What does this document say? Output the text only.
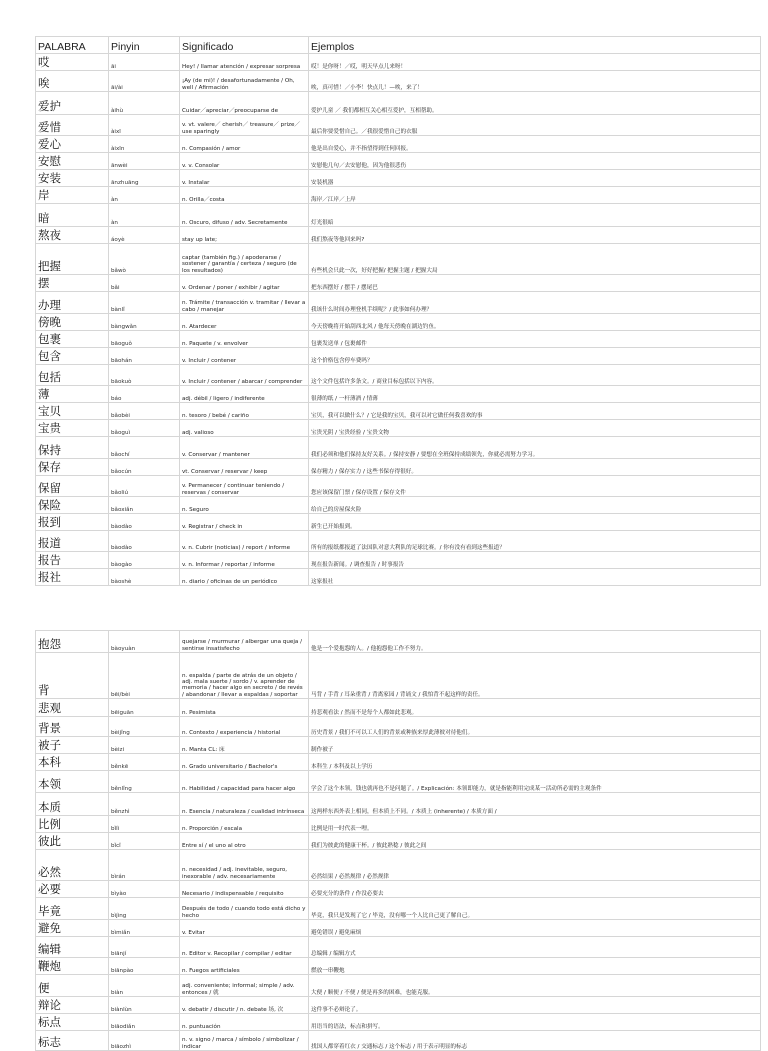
PALABRA	Pinyin	Significado	Ejemplos
哎	āi	Hey! / llamar atención / expresar sorpresa	哎！是你呀！／哎，明天早点儿来呀！
唉	āi/ài	¡Ay (de mi)! / desafortunadamente / Oh, well / Afirmación	唉，真可惜！／小李！快点儿！—唉，来了！
爱护	àihù	Cuidar／apreciar／preocuparse de	爱护儿童 ／ 我们都相互关心相互爱护，互相帮助。
爱惜	àixī	v. vt. valere／ cherish／ treasure／ prize／ use sparingly	最后你要爱惜自己。／我很爱惜自己的衣服
爱心	àixīn	n. Compasión / amor	他是出自爱心，并不指望得到任何回报。
安慰	ānwèi	v. v. Consolar	安慰他几句／去安慰他，因为他很悲伤
安装	ānzhuāng	v. Instalar	安装机器
岸	àn	n. Orilla／costa	海岸／江岸／上岸
暗	àn	n. Oscuro, difuso / adv. Secretamente	灯光很暗
熬夜	áoyè	stay up late;	我们熬夜等他回来吗?
把握	bǎwò	captar (también fig.) / apoderarse / sostener / garantía / certeza / seguro (de los resultados)	有些机会只此一次，好好把握/ 把握主题 / 把握大局
摆	bǎi	v. Ordenar / poner / exhibir / agitar	把东西摆好 / 摆手 / 摆尾巴
办理	bànlǐ	n. Trámite / transacción v. tramitar / llevar a cabo / manejar	我该什么时间办理登机手续呢？/ 此事如何办理？
傍晚	bàngwǎn	n. Atardecer	今天傍晚将开始刮西北风 / 他每天傍晚在湖边钓鱼。
包裹	bāoguǒ	n. Paquete / v. envolver	包裹发送单 / 包裹邮件
包含	bāohán	v. Incluir / contener	这个价格包含停车费吗？
包括	bāokuò	v. Incluir / contener / abarcar / comprender	这个文件包括许多条文。/ 商业目标包括以下内容。
薄	báo	adj. débil / ligero / indiferente	很薄的纸 / 一杆薄酒 / 情薄
宝贝	bǎobèi	n. tesoro / bebé / cariño	宝贝，我可以做什么？/ 它是我的宝贝，我可以对它做任何我喜欢的事
宝贵	bǎoguì	adj. valioso	宝贵光阴 / 宝贵经验 / 宝贵文物
保持	bǎochí	v. Conservar / mantener	我们必须和他们保持友好关系。/ 保持安静 / 要想在全班保持成绩领先，你就必需努力学习。
保存	bǎocún	vt. Conservar / reservar / keep	保存精力 / 保存实力 / 这些书保存得很好。
保留	bǎoliú	v. Permanecer / continuar teniendo / reservas / conservar	您应该保留门票 / 保存设置 / 保存文件
保险	bǎoxiǎn	n. Seguro	给自己的房屋保火险
报到	bàodào	v. Registrar / check in	新生已开始报到。
报道	bàodào	v. n. Cubrir (noticias) / report / informe	所有的报纸都报道了法国队对意大利队的足球比赛。/ 你有没有看到这些报道？
报告	bàogào	v. n. Informar / reportar / informe	现在报告新闻。/ 调查报告 / 时事报告
报社	bàoshè	n. diario / oficinas de un periódico	这家报社
抱怨	bàoyuàn	quejarse / murmurar / albergar una queja / sentirse insatisfecho	他是一个爱抱怨的人。/ 他抱怨他工作不努力。
背	bēi/bèi	n. espalda / parte de atrás de un objeto / adj. mala suerte / sordo / v. aprender de memoria / hacer algo en secreto / de revés / abandonar / llevar a espaldas / soportar	马背 / 手背 / 耳朵重背 / 背离家园 / 背诵文 / 我怕背不起这样的责任。
悲观	bēiguān	n. Pesimista	持悲观看法 / 然而不是每个人都如此悲观。
背景	bèijǐng	n. Contexto / experiencia / historial	历史背景 / 我们不可以工人们的背景或种族来厚此薄彼对待他们。
被子	bèizi	n. Manta CL: 床	制作被子
本科	běnkē	n. Grado universitario / Bachelor's	本科生 / 本科及以上学历
本领	běnlǐng	n. Habilidad / capacidad para hacer algo	学会了这个本领，钱也就再也不是问题了。/ Explicación: 本领即能力，就是指能利用完成某一活动所必需的主观条件
本质	běnzhì	n. Esencia / naturaleza / cualidad intrínseca	这两样东西外表上相同，但本质上不同。/ 本质上 (inherente) / 本质方面 /
比例	bǐlì	n. Proporción / escala	比例是用一时代表一哩。
彼此	bǐcǐ	Entre sí / el uno al otro	我们为彼此的健康干杯。/ 彼此熟稔 / 彼此之间
必然	bìrán	n. necesidad / adj. inevitable, seguro, inexorable / adv. necesariamente	必然结果 / 必然规律 / 必然规律
必要	bìyào	Necesario / indispensable / requisito	必要充分的条件 / 作没必要去
毕竟	bìjìng	Después de todo / cuando todo está dicho y hecho	毕竟，我只是发现了它 / 毕竟，没有哪一个人比自己更了解自己。
避免	bìmiǎn	v. Evitar	避免错误 / 避免麻烦
编辑	biānjí	n. Editor v. Recopilar / compilar / editar	总编辑 / 编辑方式
鞭炮	biānpào	n. Fuegos artificiales	燃放一串鞭炮
便	biàn	adj. conveniente; informal; simple / adv. entonces / 就	大便 / 顺便 / 不便 / 便是再多的困难，也能克服。
辩论	biànlùn	v. debatir / discutir / n. debate 场, 次	这件事不必辩论了。
标点	biāodiǎn	n. puntuación	用语当的语法，标点和拼写。
标志	biāozhì	n. v. signo / marca / símbolo / simbolizar / indicar	找国人都穿着红衣 / 交通标志 / 这个标志 / 用于表示明显的标志
